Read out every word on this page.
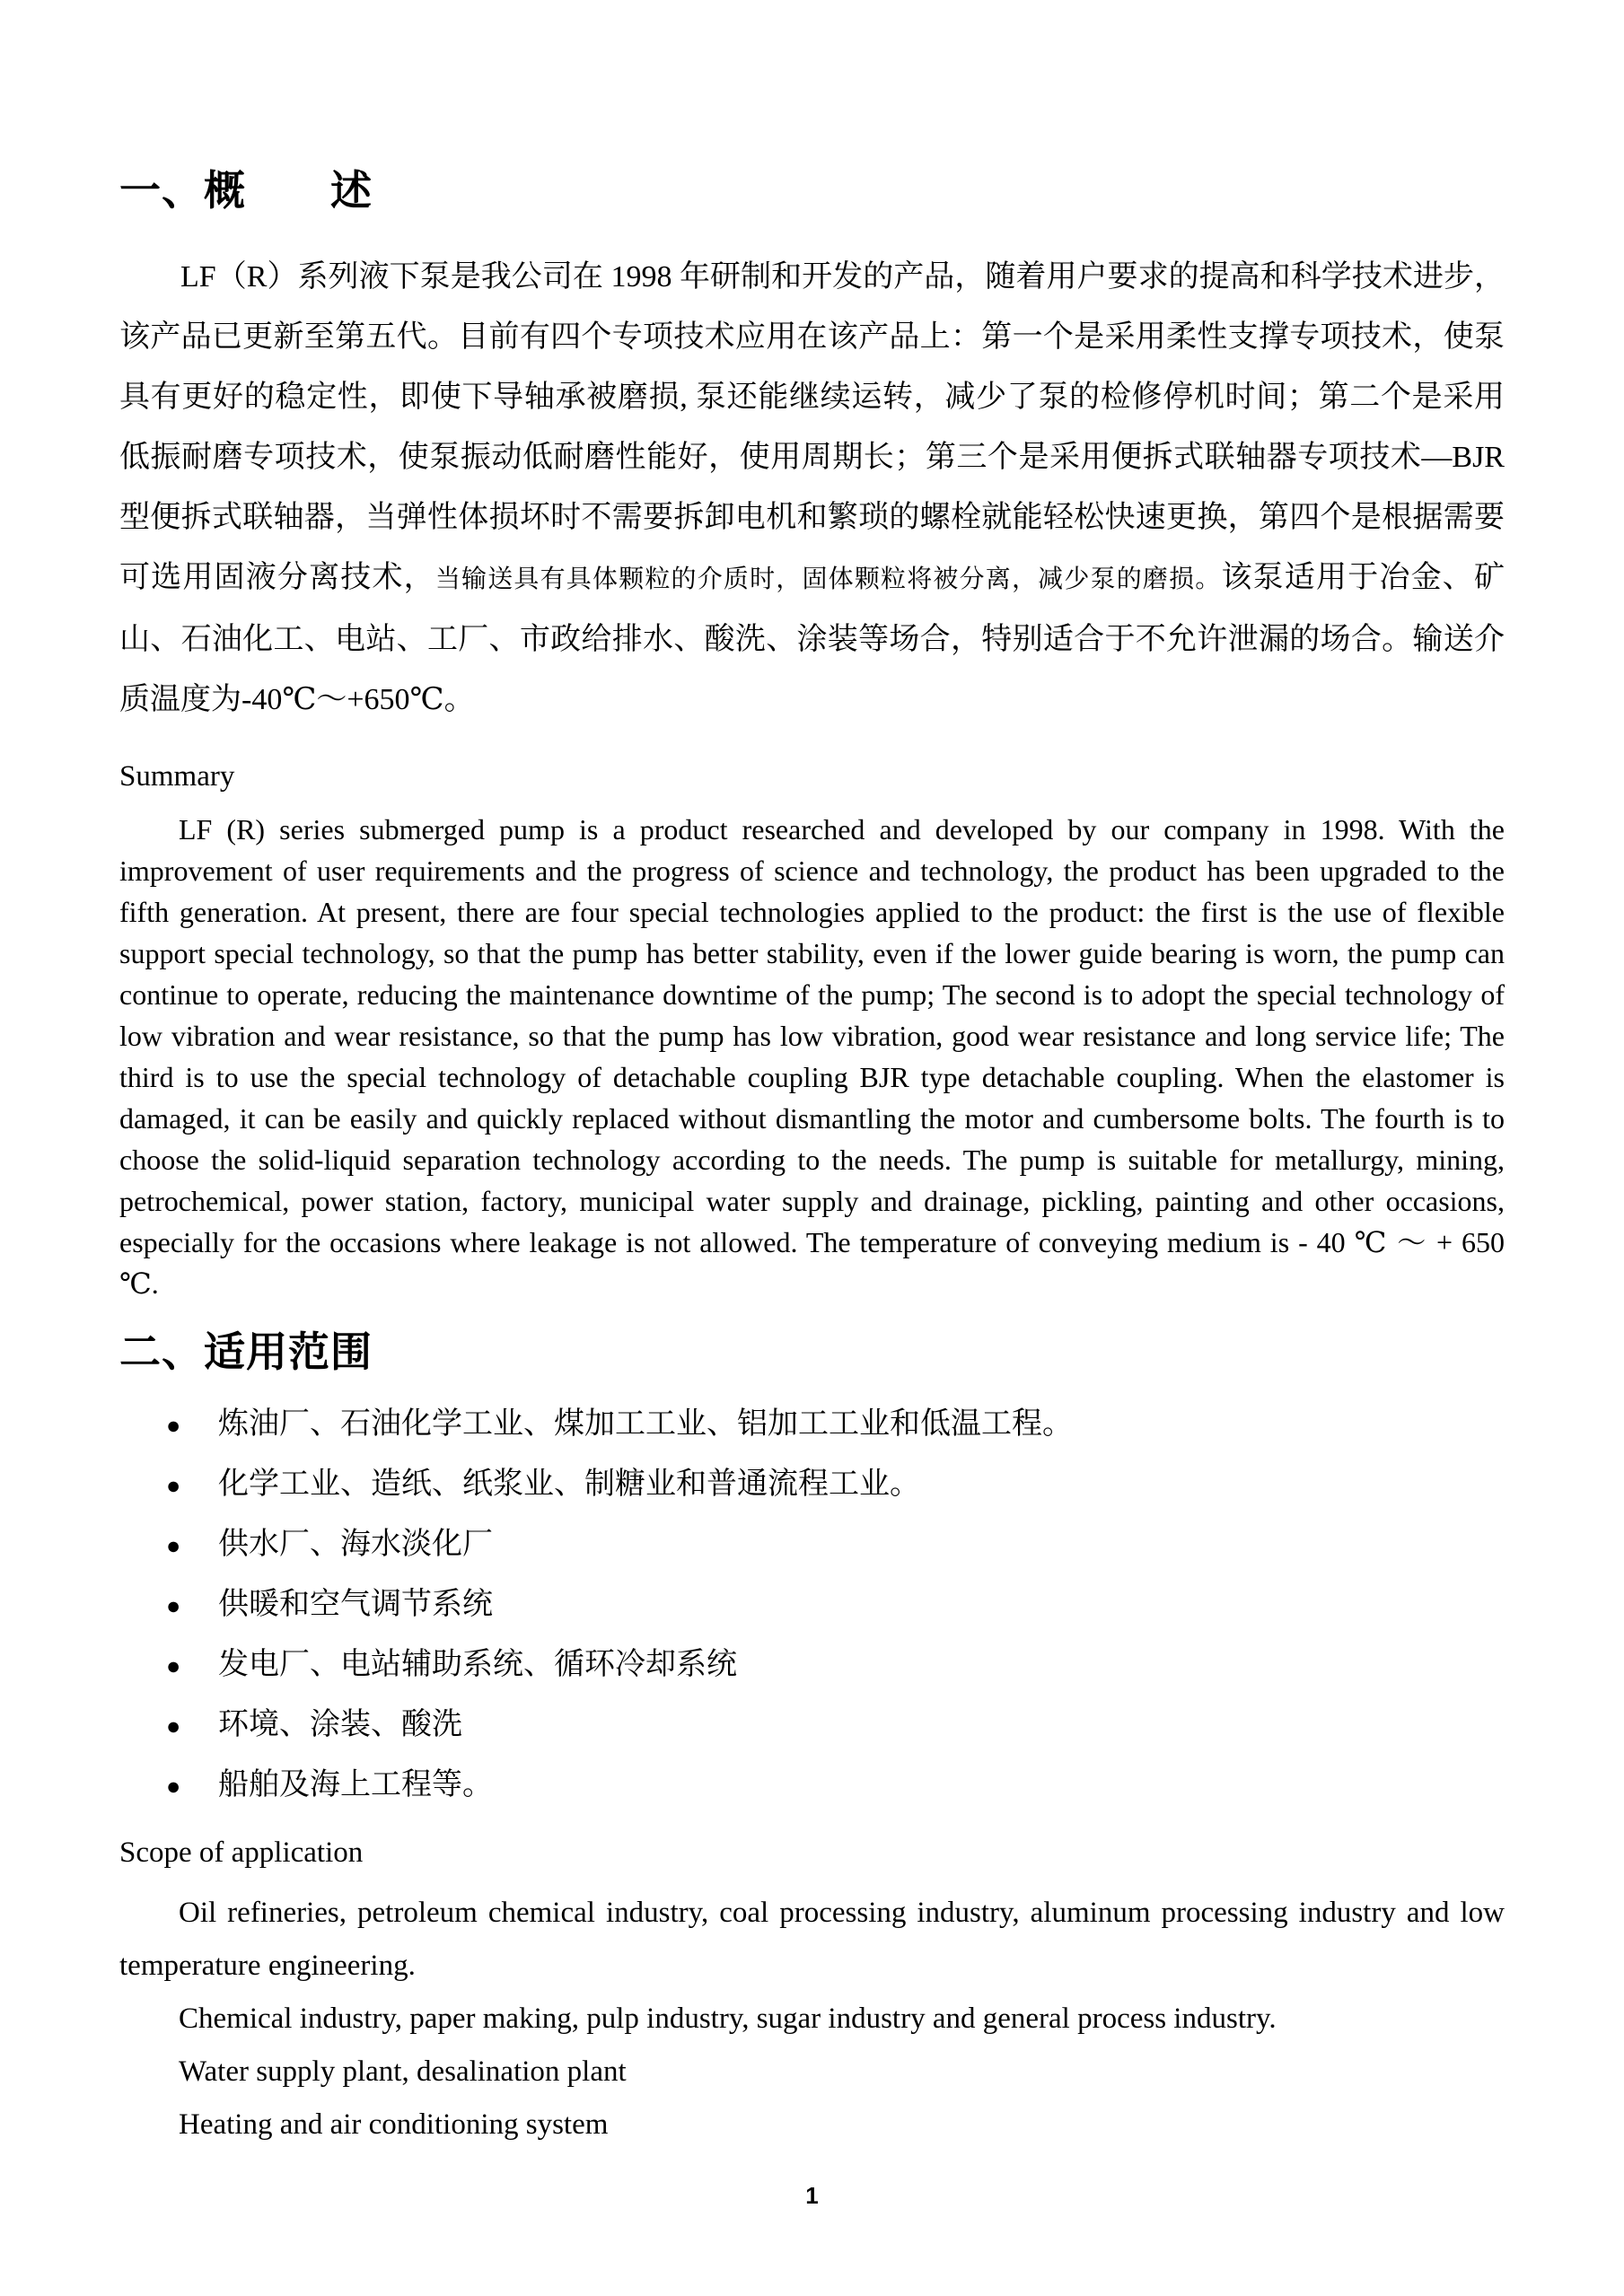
一、概　　述

LF（R）系列液下泵是我公司在 1998 年研制和开发的产品，随着用户要求的提高和科学技术进步，该产品已更新至第五代。目前有四个专项技术应用在该产品上：第一个是采用柔性支撑专项技术，使泵具有更好的稳定性，即使下导轴承被磨损, 泵还能继续运转，减少了泵的检修停机时间；第二个是采用低振耐磨专项技术，使泵振动低耐磨性能好，使用周期长；第三个是采用便拆式联轴器专项技术—BJR 型便拆式联轴器，当弹性体损坏时不需要拆卸电机和繁琐的螺栓就能轻松快速更换，第四个是根据需要可选用固液分离技术，当输送具有具体颗粒的介质时，固体颗粒将被分离，减少泵的磨损。该泵适用于冶金、矿山、石油化工、电站、工厂、市政给排水、酸洗、涂装等场合，特别适合于不允许泄漏的场合。输送介质温度为-40℃～+650℃。

Summary

LF (R) series submerged pump is a product researched and developed by our company in 1998. With the improvement of user requirements and the progress of science and technology, the product has been upgraded to the fifth generation. At present, there are four special technologies applied to the product: the first is the use of flexible support special technology, so that the pump has better stability, even if the lower guide bearing is worn, the pump can continue to operate, reducing the maintenance downtime of the pump; The second is to adopt the special technology of low vibration and wear resistance, so that the pump has low vibration, good wear resistance and long service life; The third is to use the special technology of detachable coupling BJR type detachable coupling. When the elastomer is damaged, it can be easily and quickly replaced without dismantling the motor and cumbersome bolts. The fourth is to choose the solid-liquid separation technology according to the needs. The pump is suitable for metallurgy, mining, petrochemical, power station, factory, municipal water supply and drainage, pickling, painting and other occasions, especially for the occasions where leakage is not allowed. The temperature of conveying medium is - 40 ℃ ～ + 650 ℃.

二、适用范围
●
炼油厂、石油化学工业、煤加工工业、铝加工工业和低温工程。
●
化学工业、造纸、纸浆业、制糖业和普通流程工业。
●
供水厂、海水淡化厂
●
供暖和空气调节系统
●
发电厂、电站辅助系统、循环冷却系统
●
环境、涂装、酸洗
●
船舶及海上工程等。

Scope of application

Oil refineries, petroleum chemical industry, coal processing industry, aluminum processing industry and low temperature engineering.

Chemical industry, paper making, pulp industry, sugar industry and general process industry.

Water supply plant, desalination plant

Heating and air conditioning system

1
